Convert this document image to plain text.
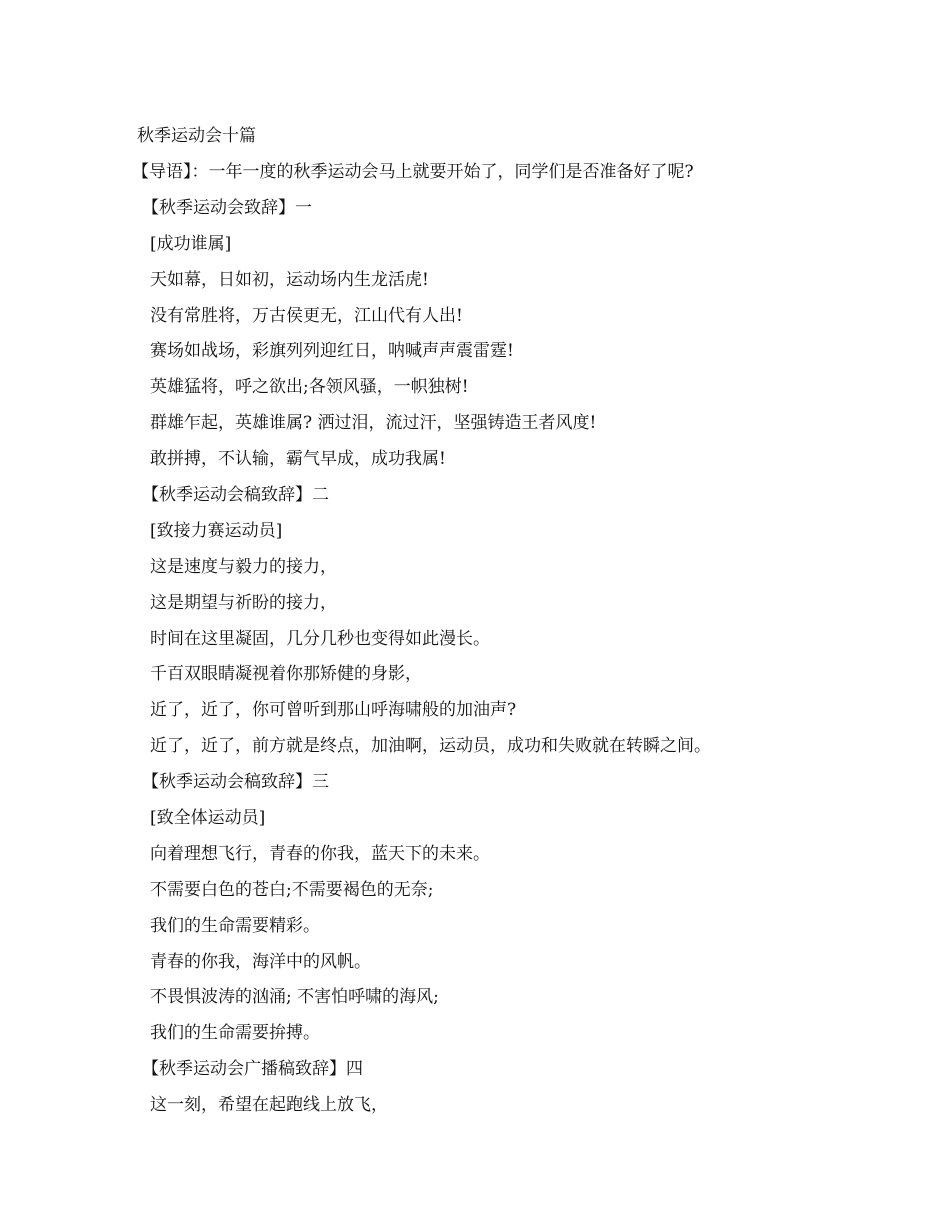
秋季运动会十篇
【导语】：一年一度的秋季运动会马上就要开始了，同学们是否准备好了呢?
【秋季运动会致辞】一
[成功谁属]
天如幕，日如初，运动场内生龙活虎!
没有常胜将，万古侯更无，江山代有人出!
赛场如战场，彩旗列列迎红日，呐喊声声震雷霆!
英雄猛将，呼之欲出;各领风骚，一帜独树!
群雄乍起，英雄谁属? 洒过泪，流过汗，坚强铸造王者风度!
敢拼搏，不认输，霸气早成，成功我属!
【秋季运动会稿致辞】二
[致接力赛运动员]
这是速度与毅力的接力，
这是期望与祈盼的接力，
时间在这里凝固，几分几秒也变得如此漫长。
千百双眼睛凝视着你那矫健的身影，
近了，近了，你可曾听到那山呼海啸般的加油声?
近了，近了，前方就是终点，加油啊，运动员，成功和失败就在转瞬之间。
【秋季运动会稿致辞】三
[致全体运动员]
向着理想飞行，青春的你我，蓝天下的未来。
不需要白色的苍白;不需要褐色的无奈;
我们的生命需要精彩。
青春的你我，海洋中的风帆。
不畏惧波涛的汹涌; 不害怕呼啸的海风;
我们的生命需要拚搏。
【秋季运动会广播稿致辞】四
这一刻，希望在起跑线上放飞，
